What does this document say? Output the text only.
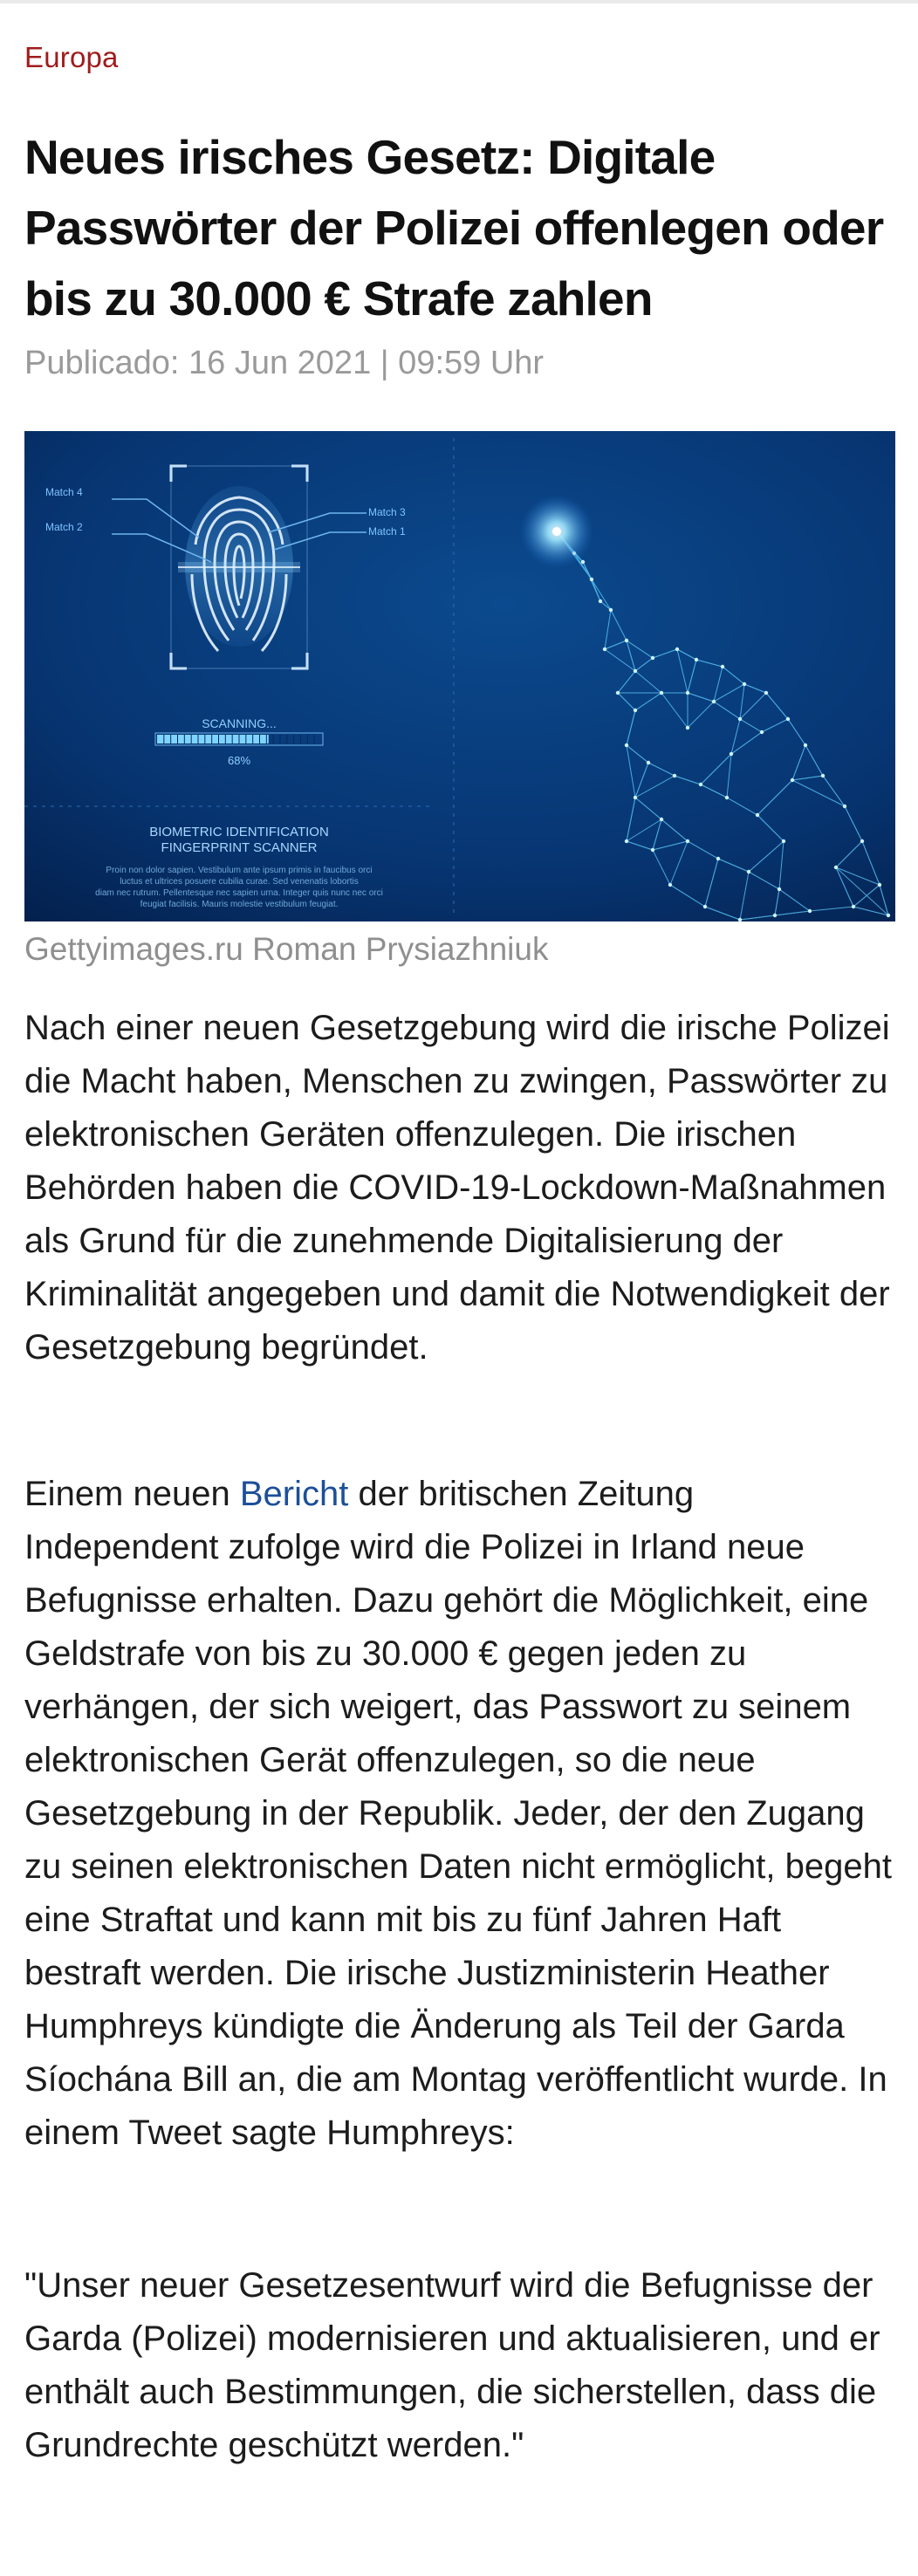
Europa
Neues irisches Gesetz: Digitale Passwörter der Polizei offenlegen oder bis zu 30.000 € Strafe zahlen
Publicado: 16 Jun 2021 | 09:59 Uhr
Match 4
Match 2
Match 3
Match 1
SCANNING...
68%
BIOMETRIC IDENTIFICATION
FINGERPRINT SCANNER
Proin non dolor sapien. Vestibulum ante ipsum primis in faucibus orci
luctus et ultrices posuere cubilia curae. Sed venenatis lobortis
diam nec rutrum. Pellentesque nec sapien urna. Integer quis nunc nec orci
feugiat facilisis. Mauris molestie vestibulum feugiat.
Gettyimages.ru Roman Prysiazhniuk

Nach einer neuen Gesetzgebung wird die irische Polizei die Macht haben, Menschen zu zwingen, Passwörter zu elektronischen Geräten offenzulegen. Die irischen Behörden haben die COVID-19-Lockdown-Maßnahmen als Grund für die zunehmende Digitalisierung der Kriminalität angegeben und damit die Notwendigkeit der Gesetzgebung begründet.

Einem neuen Bericht der britischen Zeitung Independent zufolge wird die Polizei in Irland neue Befugnisse erhalten. Dazu gehört die Möglichkeit, eine Geldstrafe von bis zu 30.000 € gegen jeden zu verhängen, der sich weigert, das Passwort zu seinem elektronischen Gerät offenzulegen, so die neue Gesetzgebung in der Republik. Jeder, der den Zugang zu seinen elektronischen Daten nicht ermöglicht, begeht eine Straftat und kann mit bis zu fünf Jahren Haft bestraft werden. Die irische Justizministerin Heather Humphreys kündigte die Änderung als Teil der Garda Síochána Bill an, die am Montag veröffentlicht wurde. In einem Tweet sagte Humphreys:

"Unser neuer Gesetzesentwurf wird die Befugnisse der Garda (Polizei) modernisieren und aktualisieren, und er enthält auch Bestimmungen, die sicherstellen, dass die Grundrechte geschützt werden."
